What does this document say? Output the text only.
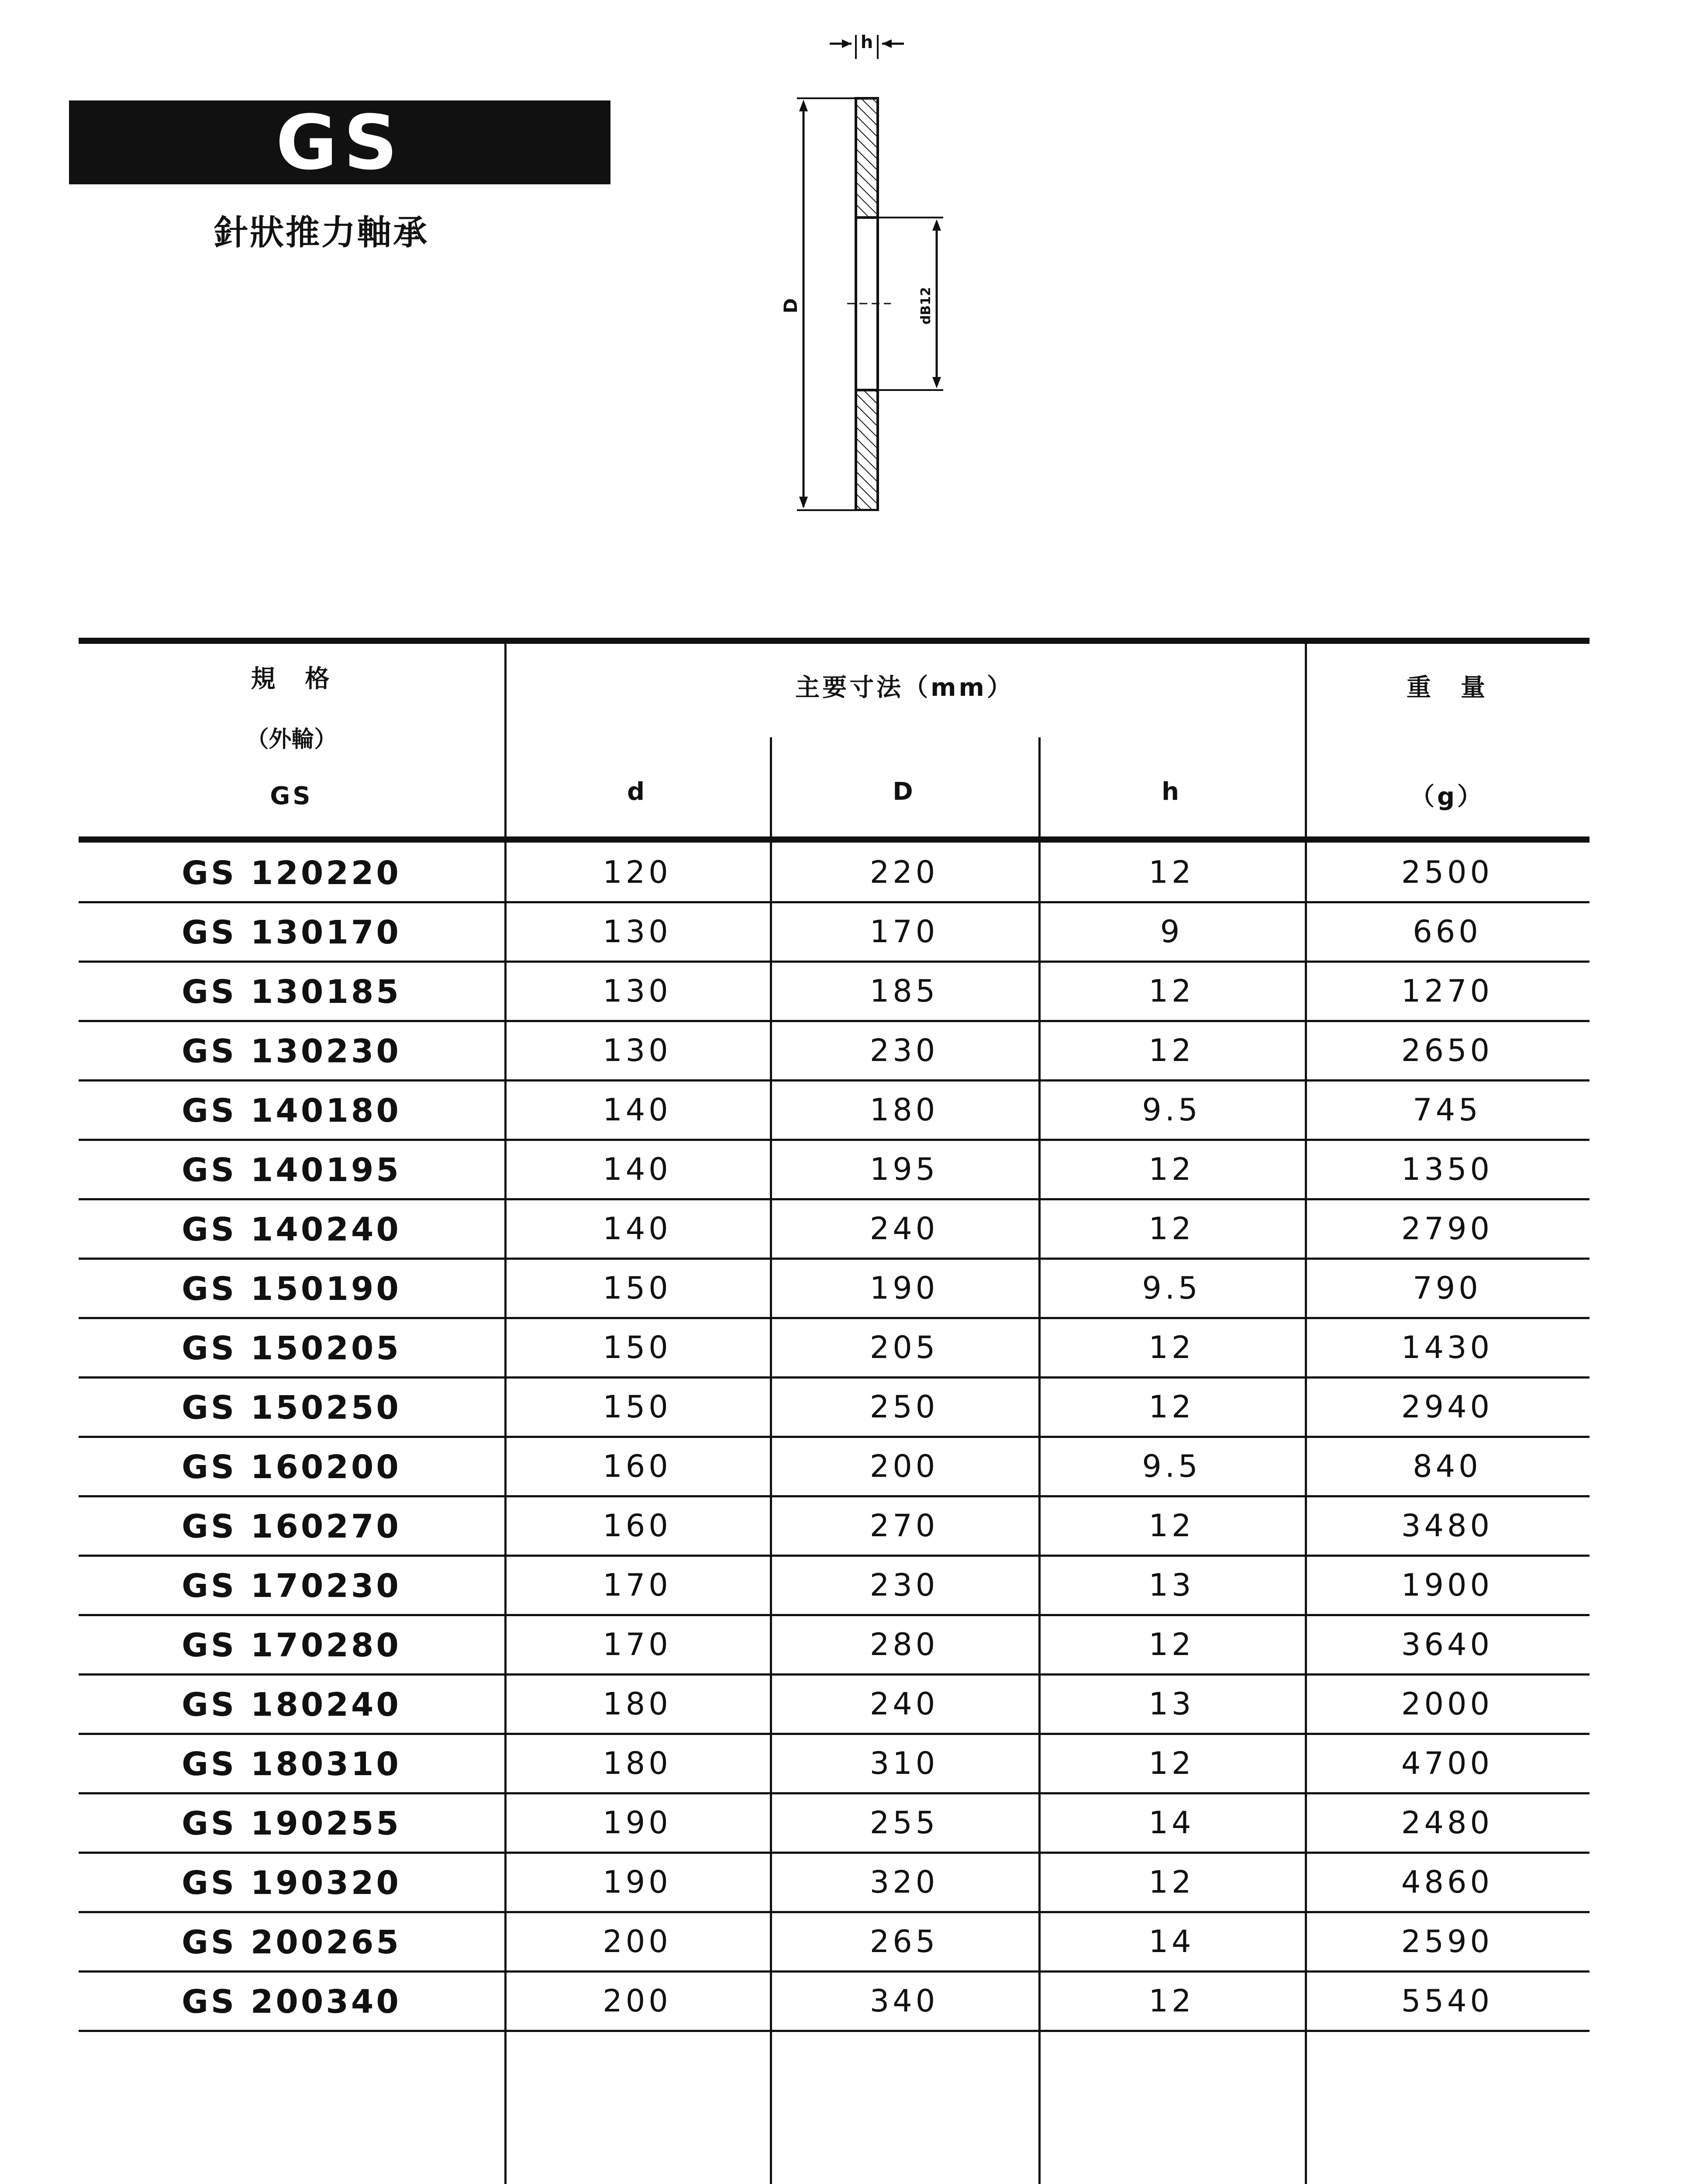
GS
針狀推力軸承
h
D	dB12
規　格
（外輪）
GS
主要寸法（mm）
d	D	h
重　量
（g）
GS 120220	120	220	12	2500
GS 130170	130	170	9	660
GS 130185	130	185	12	1270
GS 130230	130	230	12	2650
GS 140180	140	180	9.5	745
GS 140195	140	195	12	1350
GS 140240	140	240	12	2790
GS 150190	150	190	9.5	790
GS 150205	150	205	12	1430
GS 150250	150	250	12	2940
GS 160200	160	200	9.5	840
GS 160270	160	270	12	3480
GS 170230	170	230	13	1900
GS 170280	170	280	12	3640
GS 180240	180	240	13	2000
GS 180310	180	310	12	4700
GS 190255	190	255	14	2480
GS 190320	190	320	12	4860
GS 200265	200	265	14	2590
GS 200340	200	340	12	5540
